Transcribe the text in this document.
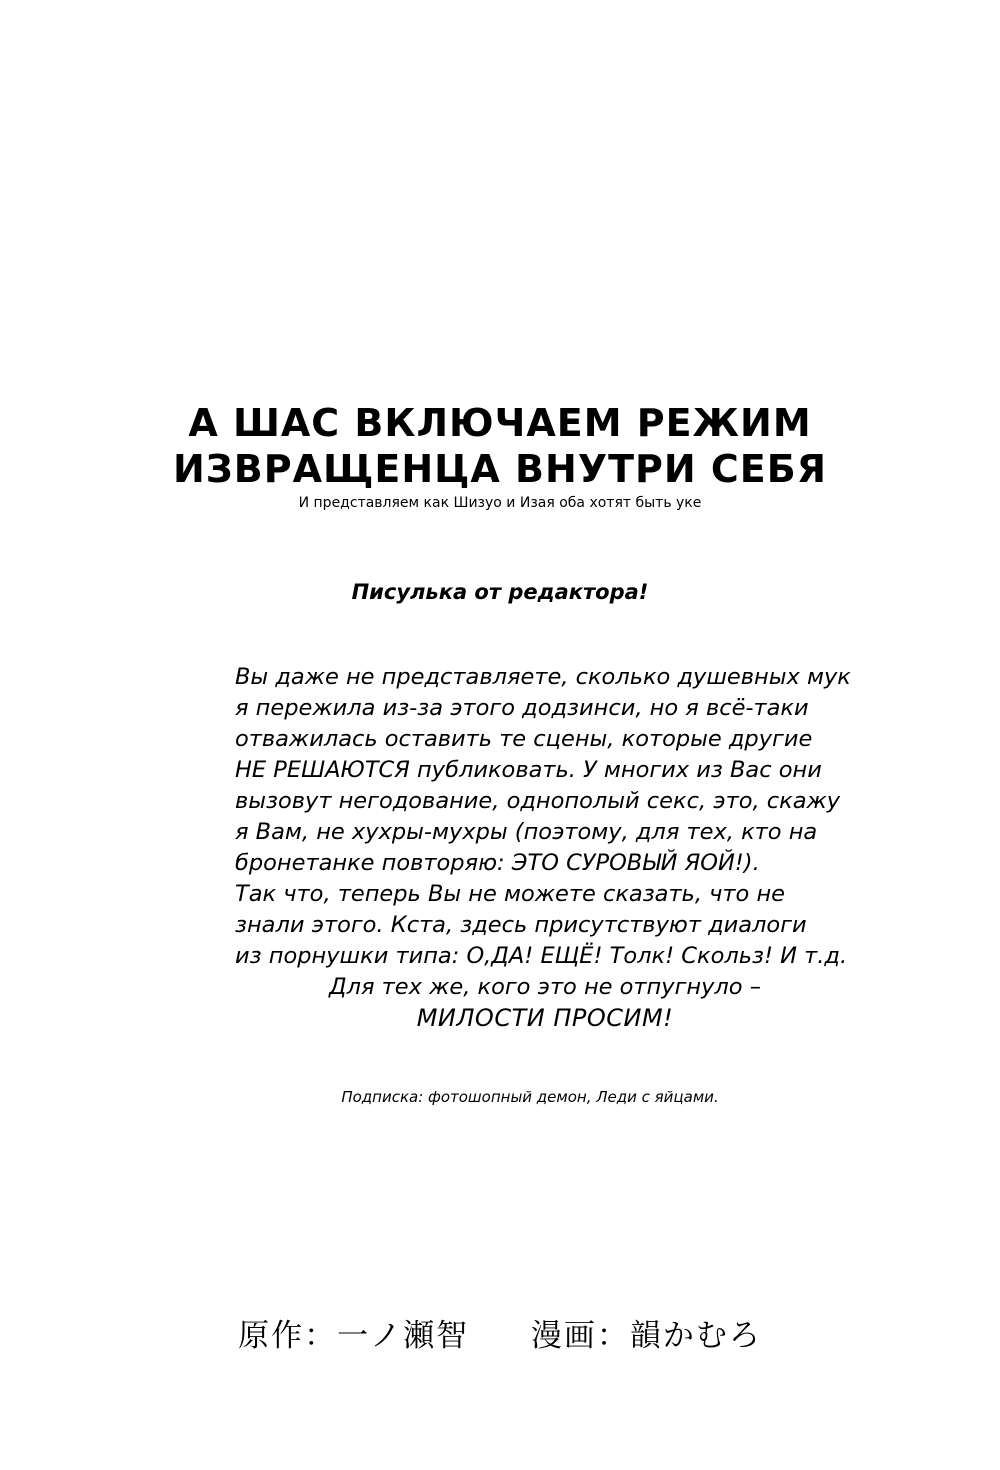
А ШАС ВКЛЮЧАЕМ РЕЖИМ
ИЗВРАЩЕНЦА ВНУТРИ СЕБЯ
И представляем как Шизуо и Изая оба хотят быть уке
Писулька от редактора!
Вы даже не представляете, сколько душевных мук
я пережила из-за этого додзинси, но я всё-таки
отважилась оставить те сцены, которые другие
НЕ РЕШАЮТСЯ публиковать. У многих из Вас они
вызовут негодование, однополый секс, это, скажу
я Вам, не хухры-мухры (поэтому, для тех, кто на
бронетанке повторяю: ЭТО СУРОВЫЙ ЯОЙ!).
Так что, теперь Вы не можете сказать, что не
знали этого. Кста, здесь присутствуют диалоги
из порнушки типа: О,ДА! ЕЩЁ! Толк! Скольз! И т.д.
Для тех же, кого это не отпугнуло –
МИЛОСТИ ПРОСИМ!
Подписка: фотошопный демон, Леди с яйцами.
原作：一ノ瀬智 漫画：韻かむろ
